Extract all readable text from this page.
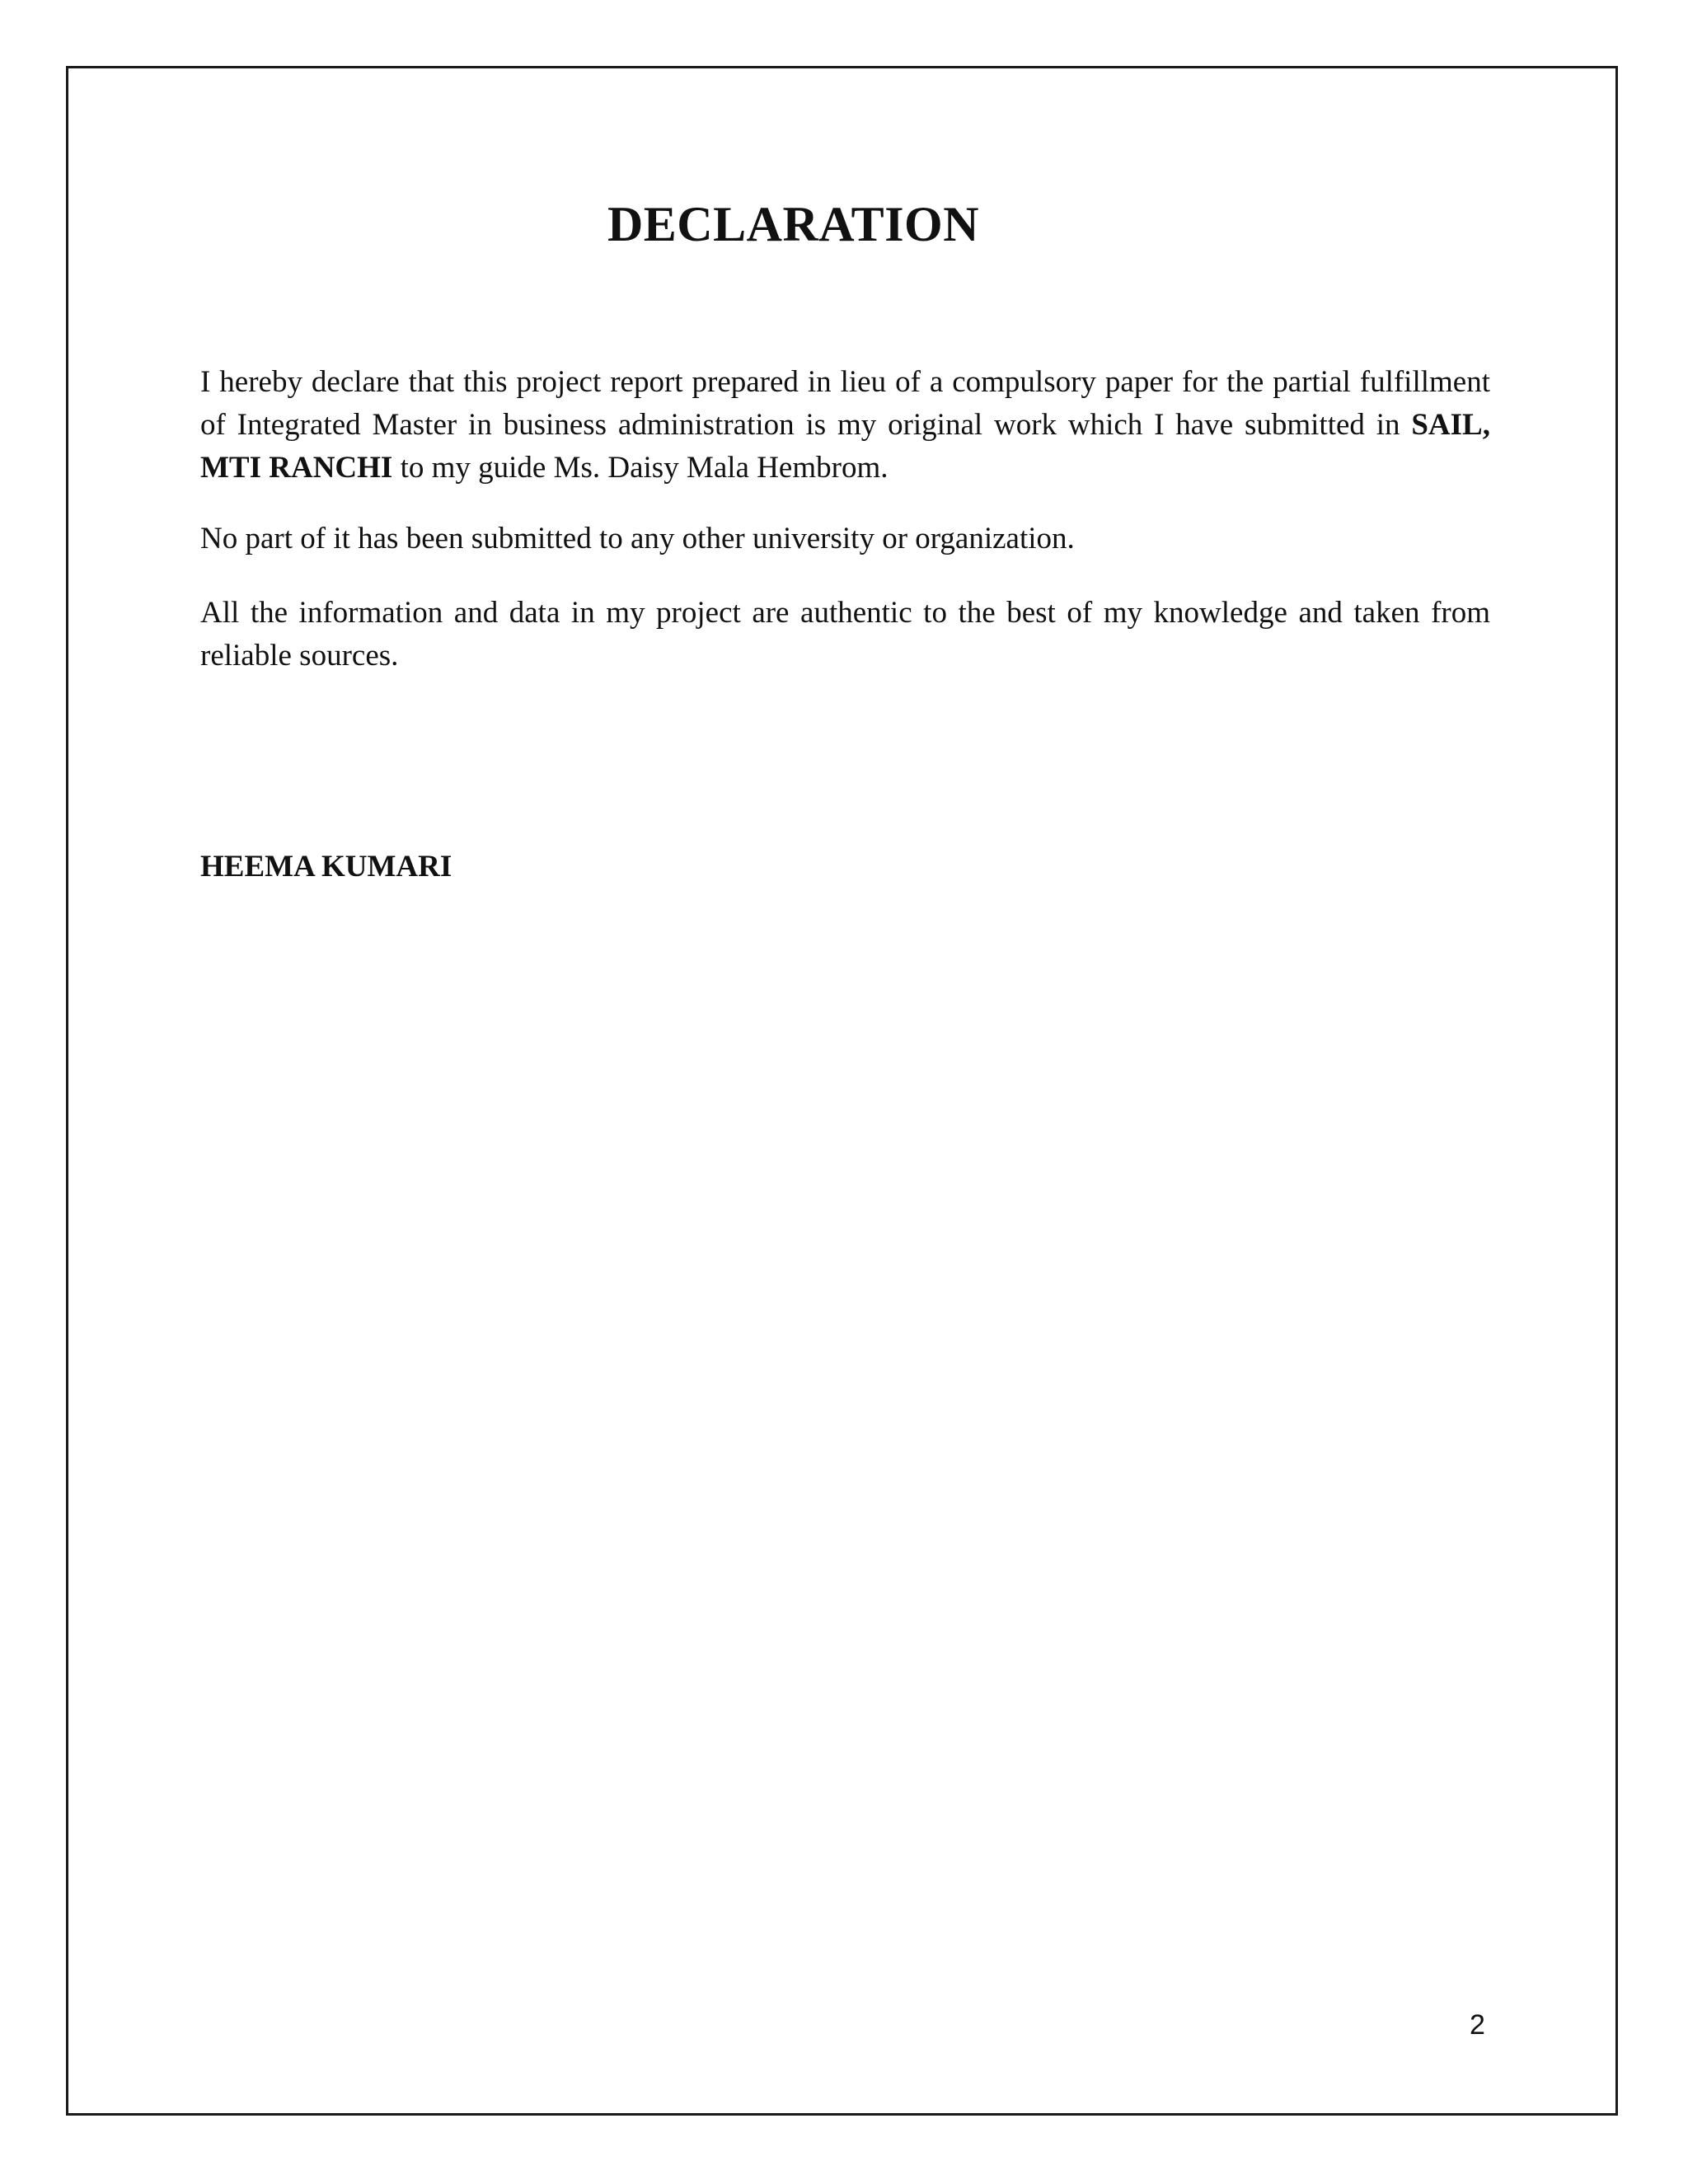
DECLARATION

I hereby declare that this project report prepared in lieu of a compulsory paper for the partial fulfillment of Integrated Master in business administration is my original work which I have submitted in SAIL, MTI RANCHI to my guide Ms. Daisy Mala Hembrom.

No part of it has been submitted to any other university or organization.

All the information and data in my project are authentic to the best of my knowledge and taken from reliable sources.

HEEMA KUMARI

2
